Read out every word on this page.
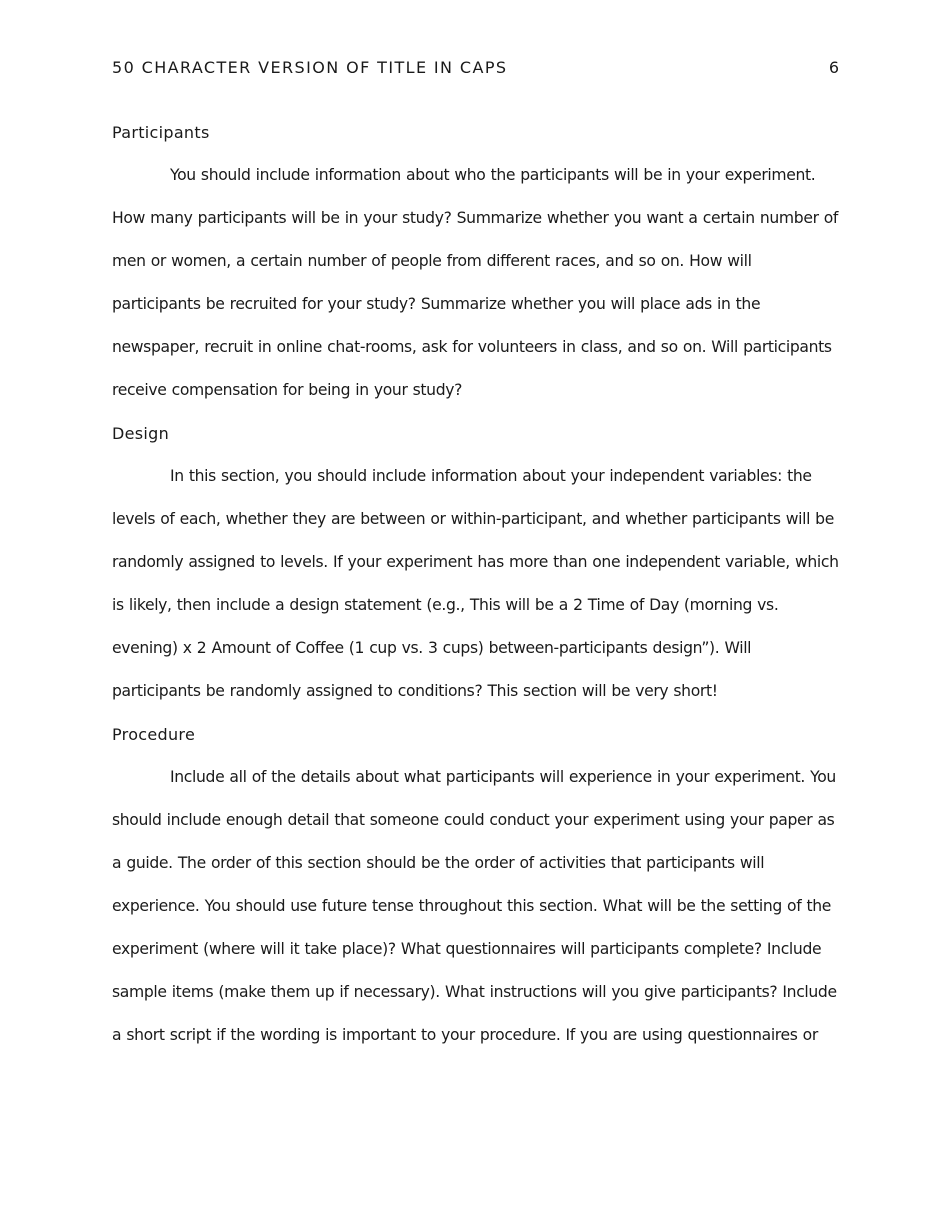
50 CHARACTER VERSION OF TITLE IN CAPS	6
Participants

You should include information about who the participants will be in your experiment. How many participants will be in your study? Summarize whether you want a certain number of men or women, a certain number of people from different races, and so on. How will participants be recruited for your study? Summarize whether you will place ads in the newspaper, recruit in online chat-rooms, ask for volunteers in class, and so on. Will participants receive compensation for being in your study?

Design

In this section, you should include information about your independent variables: the levels of each, whether they are between or within-participant, and whether participants will be randomly assigned to levels. If your experiment has more than one independent variable, which is likely, then include a design statement (e.g., This will be a 2 Time of Day (morning vs. evening) x 2 Amount of Coffee (1 cup vs. 3 cups) between-participants design”). Will participants be randomly assigned to conditions? This section will be very short!

Procedure

Include all of the details about what participants will experience in your experiment. You should include enough detail that someone could conduct your experiment using your paper as a guide. The order of this section should be the order of activities that participants will experience. You should use future tense throughout this section. What will be the setting of the experiment (where will it take place)? What questionnaires will participants complete? Include sample items (make them up if necessary). What instructions will you give participants? Include a short script if the wording is important to your procedure. If you are using questionnaires or
